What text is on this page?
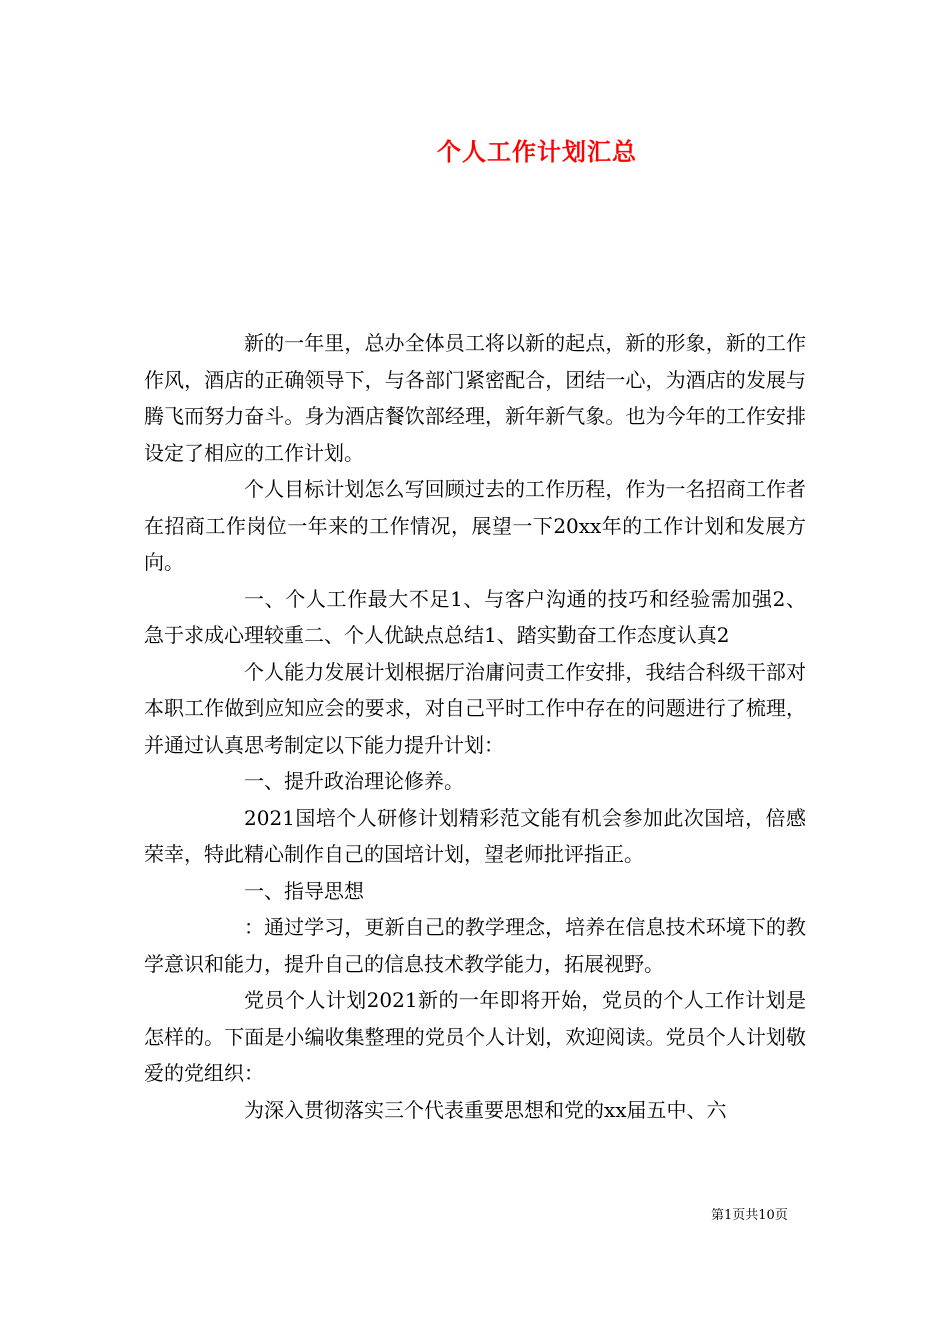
个人工作计划汇总

新的一年里，总办全体员工将以新的起点，新的形象，新的工作作风，酒店的正确领导下，与各部门紧密配合，团结一心，为酒店的发展与腾飞而努力奋斗。身为酒店餐饮部经理，新年新气象。也为今年的工作安排设定了相应的工作计划。

个人目标计划怎么写回顾过去的工作历程，作为一名招商工作者在招商工作岗位一年来的工作情况，展望一下20xx年的工作计划和发展方向。

一、个人工作最大不足1、与客户沟通的技巧和经验需加强2、急于求成心理较重二、个人优缺点总结1、踏实勤奋工作态度认真2

个人能力发展计划根据厅治庸问责工作安排，我结合科级干部对本职工作做到应知应会的要求，对自己平时工作中存在的问题进行了梳理，并通过认真思考制定以下能力提升计划：

一、提升政治理论修养。

2021国培个人研修计划精彩范文能有机会参加此次国培，倍感荣幸，特此精心制作自己的国培计划，望老师批评指正。

一、指导思想

：通过学习，更新自己的教学理念，培养在信息技术环境下的教学意识和能力，提升自己的信息技术教学能力，拓展视野。

党员个人计划2021新的一年即将开始，党员的个人工作计划是怎样的。下面是小编收集整理的党员个人计划，欢迎阅读。党员个人计划敬爱的党组织：

为深入贯彻落实三个代表重要思想和党的xx届五中、六

第1页共10页
